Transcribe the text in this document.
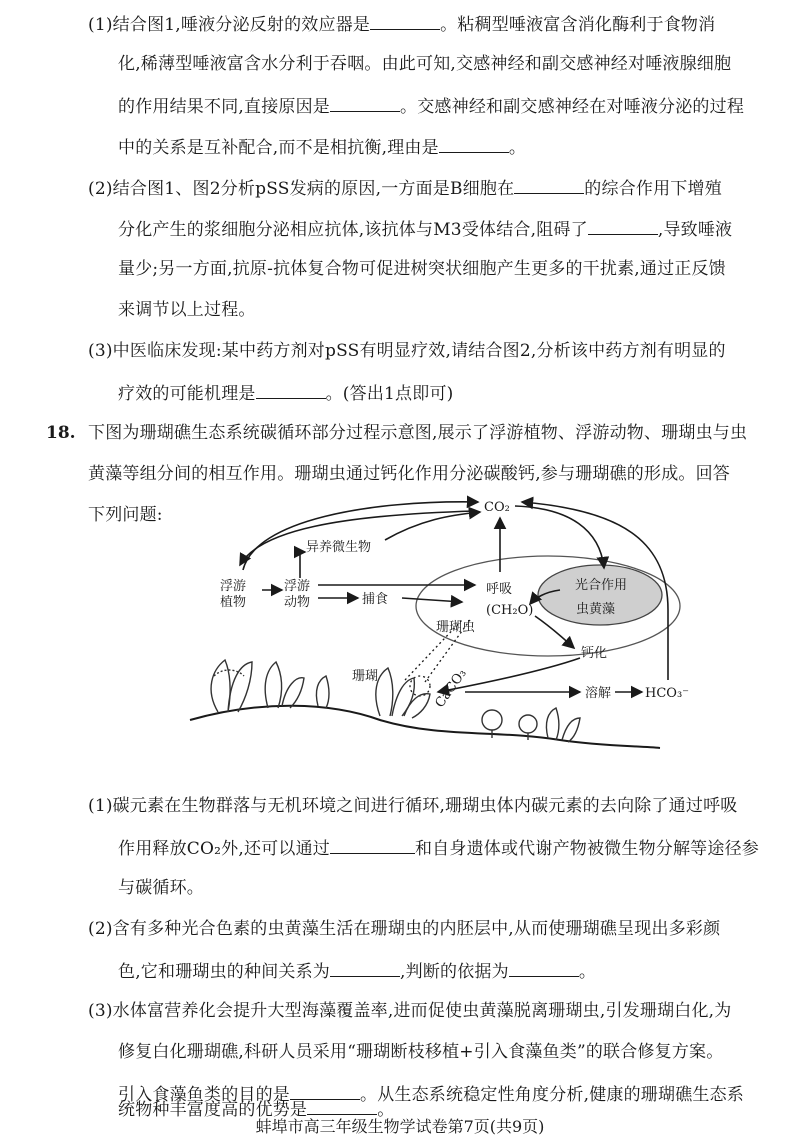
(1)结合图1,唾液分泌反射的效应器是	。粘稠型唾液富含消化酶利于食物消
化,稀薄型唾液富含水分利于吞咽。由此可知,交感神经和副交感神经对唾液腺细胞
的作用结果不同,直接原因是	。交感神经和副交感神经在对唾液分泌的过程
中的关系是互补配合,而不是相抗衡,理由是	。
(2)结合图1、图2分析pSS发病的原因,一方面是B细胞在	的综合作用下增殖
分化产生的浆细胞分泌相应抗体,该抗体与M3受体结合,阻碍了	,导致唾液
量少;另一方面,抗原-抗体复合物可促进树突状细胞产生更多的干扰素,通过正反馈
来调节以上过程。
(3)中医临床发现:某中药方剂对pSS有明显疗效,请结合图2,分析该中药方剂有明显的
疗效的可能机理是	。(答出1点即可)
18. 下图为珊瑚礁生态系统碳循环部分过程示意图,展示了浮游植物、浮游动物、珊瑚虫与虫
黄藻等组分间的相互作用。珊瑚虫通过钙化作用分泌碳酸钙,参与珊瑚礁的形成。回答
下列问题:	CO₂
异养微生物
浮游
植物
浮游
动物	捕食
呼吸
(CH₂O)
珊瑚虫
光合作用
虫黄藻
钙化
珊瑚	CaCO₃	溶解	HCO₃⁻
(1)碳元素在生物群落与无机环境之间进行循环,珊瑚虫体内碳元素的去向除了通过呼吸
作用释放CO₂外,还可以通过	和自身遗体或代谢产物被微生物分解等途径参
与碳循环。
(2)含有多种光合色素的虫黄藻生活在珊瑚虫的内胚层中,从而使珊瑚礁呈现出多彩颜
色,它和珊瑚虫的种间关系为	,判断的依据为	。
(3)水体富营养化会提升大型海藻覆盖率,进而促使虫黄藻脱离珊瑚虫,引发珊瑚白化,为
修复白化珊瑚礁,科研人员采用“珊瑚断枝移植+引入食藻鱼类”的联合修复方案。
引入食藻鱼类的目的是	。从生态系统稳定性角度分析,健康的珊瑚礁生态系
蚌埠市高三年级生物学试卷第7页(共9页)
统物种丰富度高的优势是	。
